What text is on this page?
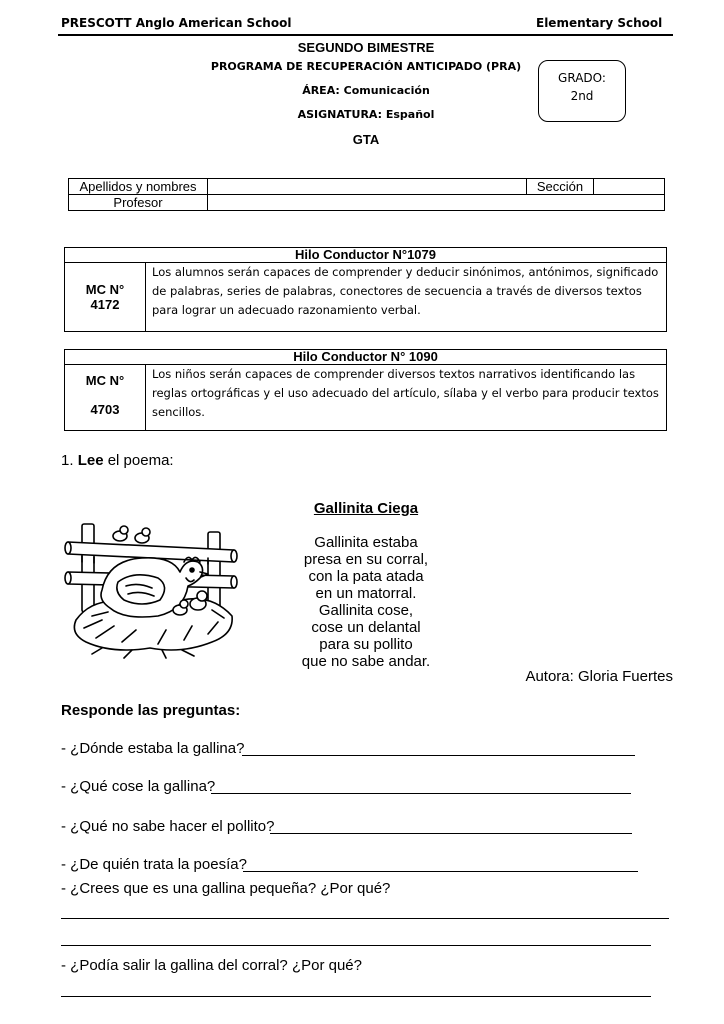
PRESCOTT Anglo American School	Elementary School
SEGUNDO BIMESTRE
PROGRAMA DE RECUPERACIÓN ANTICIPADO (PRA)
ÁREA: Comunicación
ASIGNATURA: Español
GTA
GRADO:
2nd
Apellidos y nombres		Sección	
Profesor			
Hilo Conductor N°1079

MC N°
4172
	Los alumnos serán capaces de comprender y deducir sinónimos, antónimos, significado de palabras, series de palabras, conectores de secuencia a través de diversos textos para lograr un adecuado razonamiento verbal.
Hilo Conductor N° 1090

MC N°
4703
	Los niños serán capaces de comprender diversos textos narrativos identificando las reglas ortográficas y el uso adecuado del artículo, sílaba y el verbo para producir textos sencillos.
1. Lee el poema:
Gallinita Ciega
Gallinita estaba
presa en su corral,
con la pata atada
en un matorral.
Gallinita cose,
cose un delantal
para su pollito
que no sabe andar.
Autora: Gloria Fuertes
Responde las preguntas:
- ¿Dónde estaba la gallina?
- ¿Qué cose la gallina?
- ¿Qué no sabe hacer el pollito?
- ¿De quién trata la poesía?
- ¿Crees que es una gallina pequeña? ¿Por qué?
- ¿Podía salir la gallina del corral? ¿Por qué?
